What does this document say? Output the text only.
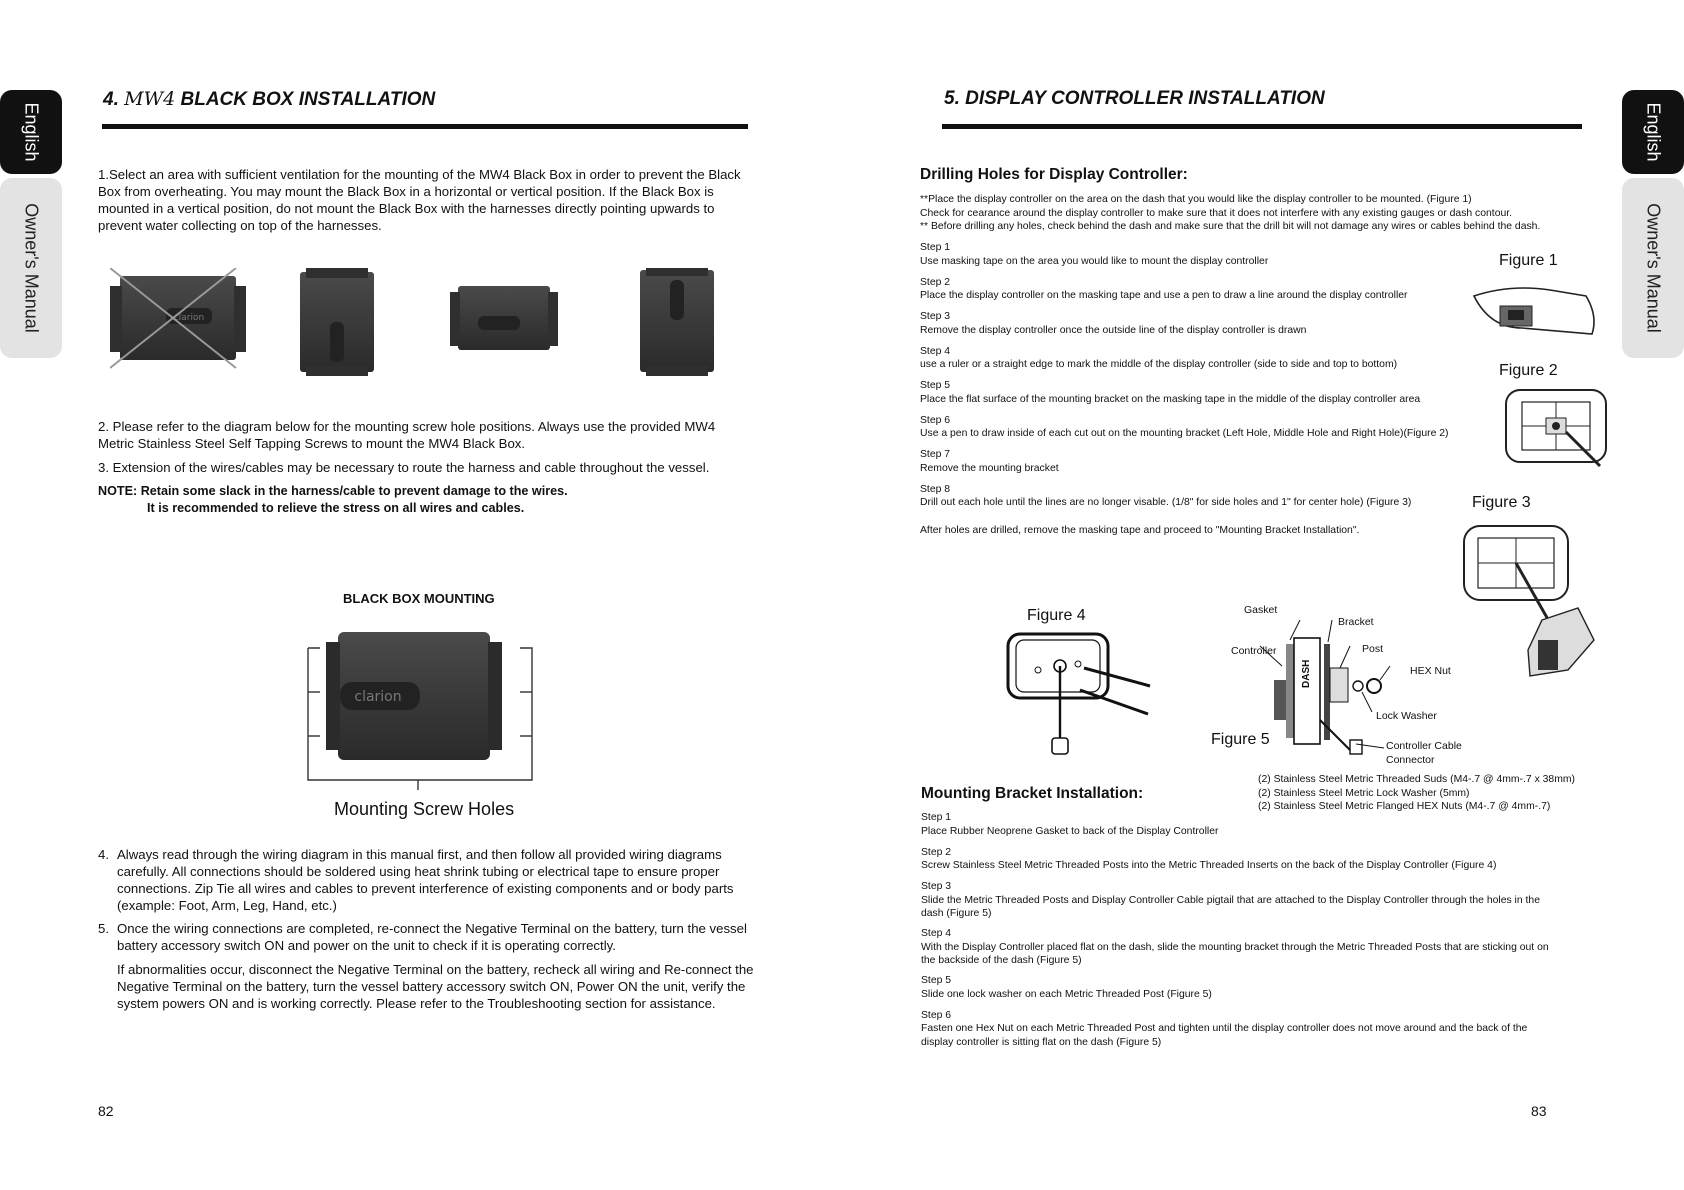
English
Owner's Manual
English
Owner's Manual
4. MW4 BLACK BOX INSTALLATION
1.Select an area with sufficient ventilation for the mounting of the MW4 Black Box in order to prevent the Black Box from overheating. You may mount the Black Box in a horizontal or vertical position. If the Black Box is mounted in a vertical position, do not mount the Black Box with the harnesses directly pointing upwards to prevent water collecting on top of the harnesses.
clarion
2. Please refer to the diagram below for the mounting screw hole positions. Always use the provided MW4 Metric Stainless Steel Self Tapping Screws to mount the MW4 Black Box.
3. Extension of the wires/cables may be necessary to route the harness and cable throughout the vessel.
NOTE: Retain some slack in the harness/cable to prevent damage to the wires.
It is recommended to relieve the stress on all wires and cables.
BLACK BOX MOUNTING
clarion
Mounting Screw Holes
4. Always read through the wiring diagram in this manual first, and then follow all provided wiring diagrams carefully. All connections should be soldered using heat shrink tubing or electrical tape to ensure proper connections. Zip Tie all wires and cables to prevent interference of existing components and or body parts (example: Foot, Arm, Leg, Hand, etc.)
5. Once the wiring connections are completed, re-connect the Negative Terminal on the battery, turn the vessel battery accessory switch ON and power on the unit to check if it is operating correctly.
If abnormalities occur, disconnect the Negative Terminal on the battery, recheck all wiring and Re-connect the Negative Terminal on the battery, turn the vessel battery accessory switch ON, Power ON the unit, verify the system powers ON and is working correctly. Please refer to the Troubleshooting section for assistance.
82
5. DISPLAY CONTROLLER INSTALLATION
Drilling Holes for Display Controller:
**Place the display controller on the area on the dash that you would like the display controller to be mounted. (Figure 1)
Check for cearance around the display controller to make sure that it does not interfere with any existing gauges or dash contour.
** Before drilling any holes, check behind the dash and make sure that the drill bit will not damage any wires or cables behind the dash.
Step 1
Use masking tape on the area you would like to mount the display controller
Step 2
Place the display controller on the masking tape and use a pen to draw a line around the display controller
Step 3
Remove the display controller once the outside line of the display controller is drawn
Step 4
use a ruler or a straight edge to mark the middle of the display controller (side to side and top to bottom)
Step 5
Place the flat surface of the mounting bracket on the masking tape in the middle of the display controller area
Step 6
Use a pen to draw inside of each cut out on the mounting bracket (Left Hole, Middle Hole and Right Hole)(Figure 2)
Step 7
Remove the mounting bracket
Step 8
Drill out each hole until the lines are no longer visable. (1/8" for side holes and 1" for center hole) (Figure 3)
After holes are drilled, remove the masking tape and proceed to "Mounting Bracket Installation".
Figure 1
Figure 2
Figure 3
Figure 4
Figure 5
Gasket
Bracket
Controller	Post
HEX Nut
DASH
Lock Washer
Controller Cable
Connector
(2) Stainless Steel Metric Threaded Suds (M4-.7 @ 4mm-.7 x 38mm)
(2) Stainless Steel Metric Lock Washer (5mm)
(2) Stainless Steel Metric Flanged HEX Nuts (M4-.7 @ 4mm-.7)
Mounting Bracket Installation:
Step 1
Place Rubber Neoprene Gasket to back of the Display Controller
Step 2
Screw Stainless Steel Metric Threaded Posts into the Metric Threaded Inserts on the back of the Display Controller (Figure 4)
Step 3
Slide the Metric Threaded Posts and Display Controller Cable pigtail that are attached to the Display Controller through the holes in the dash (Figure 5)
Step 4
With the Display Controller placed flat on the dash, slide the mounting bracket through the Metric Threaded Posts that are sticking out on the backside of the dash (Figure 5)
Step 5
Slide one lock washer on each Metric Threaded Post (Figure 5)
Step 6
Fasten one Hex Nut on each Metric Threaded Post and tighten until the display controller does not move around and the back of the display controller is sitting flat on the dash (Figure 5)
83
